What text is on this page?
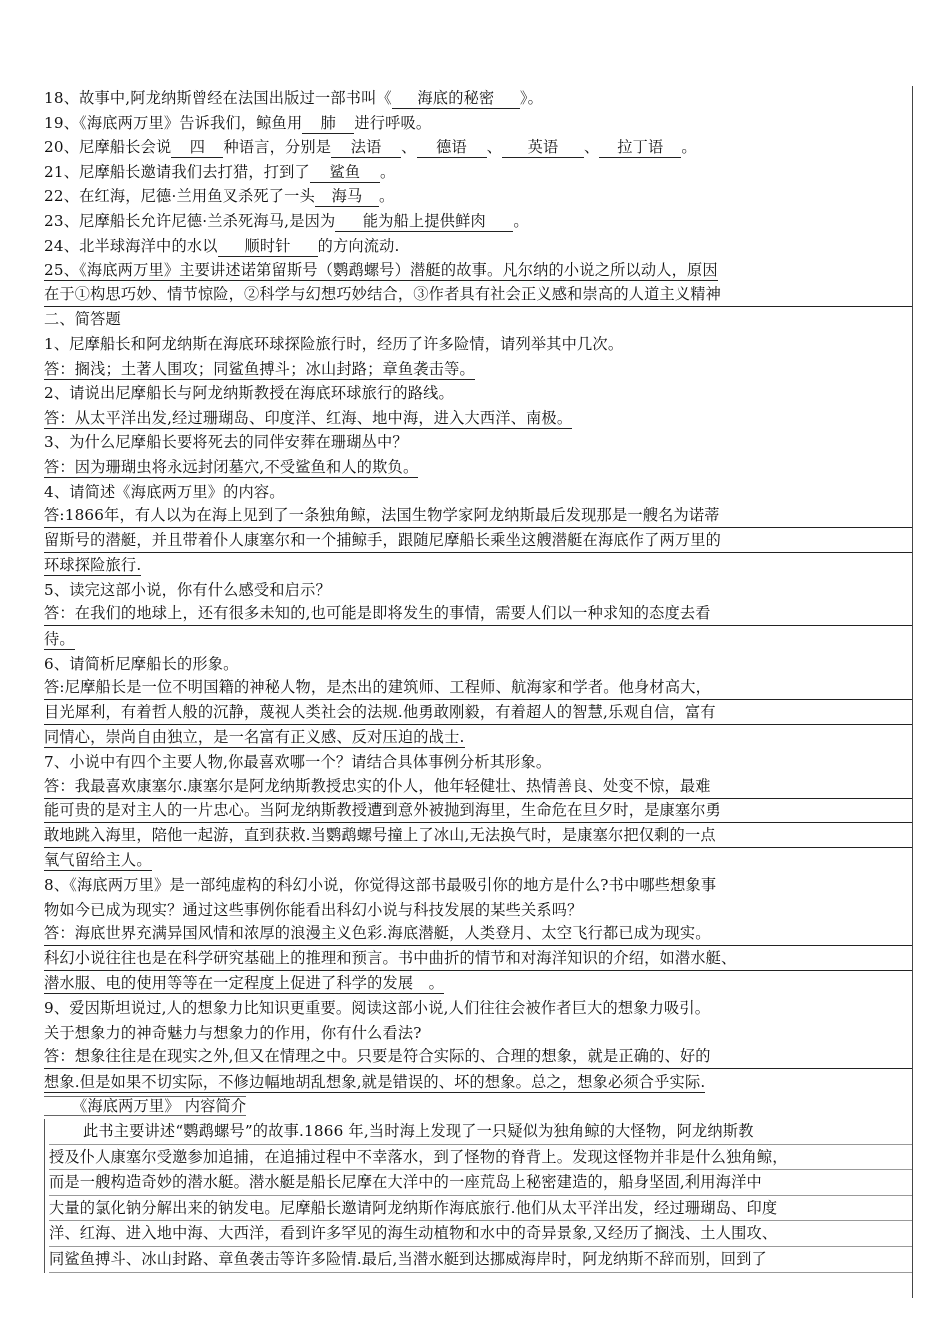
18、故事中,阿龙纳斯曾经在法国出版过一部书叫《 海底的秘密 》。
19、《海底两万里》告诉我们，鲸鱼用 肺 进行呼吸。
20、尼摩船长会说 四 种语言，分别是 法语 、 德语 、 英语 、 拉丁语 。
21、尼摩船长邀请我们去打猎，打到了 鲨鱼 。
22、在红海，尼德·兰用鱼叉杀死了一头 海马 。
23、尼摩船长允许尼德·兰杀死海马,是因为 能为船上提供鲜肉 。
24、北半球海洋中的水以 顺时针 的方向流动.
25、《海底两万里》主要讲述诺第留斯号（鹦鹉螺号）潜艇的故事。凡尔纳的小说之所以动人，原因
在于①构思巧妙、情节惊险，②科学与幻想巧妙结合，③作者具有社会正义感和崇高的人道主义精神
二、简答题
1、尼摩船长和阿龙纳斯在海底环球探险旅行时，经历了许多险情，请列举其中几次。
答：搁浅；土著人围攻；同鲨鱼搏斗；冰山封路；章鱼袭击等。
2、请说出尼摩船长与阿龙纳斯教授在海底环球旅行的路线。
答：从太平洋出发,经过珊瑚岛、印度洋、红海、地中海，进入大西洋、南极。
3、为什么尼摩船长要将死去的同伴安葬在珊瑚丛中？
答：因为珊瑚虫将永远封闭墓穴,不受鲨鱼和人的欺负。
4、请简述《海底两万里》的内容。
答:1866年，有人以为在海上见到了一条独角鲸，法国生物学家阿龙纳斯最后发现那是一艘名为诺蒂
留斯号的潜艇，并且带着仆人康塞尔和一个捕鲸手，跟随尼摩船长乘坐这艘潜艇在海底作了两万里的
环球探险旅行.
5、读完这部小说，你有什么感受和启示？
答：在我们的地球上，还有很多未知的,也可能是即将发生的事情，需要人们以一种求知的态度去看
待。
6、请简析尼摩船长的形象。
答:尼摩船长是一位不明国籍的神秘人物，是杰出的建筑师、工程师、航海家和学者。他身材高大，
目光犀利，有着哲人般的沉静，蔑视人类社会的法规.他勇敢刚毅，有着超人的智慧,乐观自信，富有
同情心，崇尚自由独立，是一名富有正义感、反对压迫的战士.
7、小说中有四个主要人物,你最喜欢哪一个？请结合具体事例分析其形象。
答：我最喜欢康塞尔.康塞尔是阿龙纳斯教授忠实的仆人，他年轻健壮、热情善良、处变不惊，最难
能可贵的是对主人的一片忠心。当阿龙纳斯教授遭到意外被抛到海里，生命危在旦夕时，是康塞尔勇
敢地跳入海里，陪他一起游，直到获救.当鹦鹉螺号撞上了冰山,无法换气时，是康塞尔把仅剩的一点
氧气留给主人。
8、《海底两万里》是一部纯虚构的科幻小说，你觉得这部书最吸引你的地方是什么?书中哪些想象事
物如今已成为现实？通过这些事例你能看出科幻小说与科技发展的某些关系吗？
答：海底世界充满异国风情和浓厚的浪漫主义色彩.海底潜艇，人类登月、太空飞行都已成为现实。
科幻小说往往也是在科学研究基础上的推理和预言。书中曲折的情节和对海洋知识的介绍，如潜水艇、
潜水服、电的使用等等在一定程度上促进了科学的发展　。
9、爱因斯坦说过,人的想象力比知识更重要。阅读这部小说,人们往往会被作者巨大的想象力吸引。
关于想象力的神奇魅力与想象力的作用，你有什么看法?
答：想象往往是在现实之外,但又在情理之中。只要是符合实际的、合理的想象，就是正确的、好的
想象.但是如果不切实际，不修边幅地胡乱想象,就是错误的、坏的想象。总之，想象必须合乎实际.
《海底两万里》 内容简介
此书主要讲述“鹦鹉螺号”的故事.1866 年,当时海上发现了一只疑似为独角鲸的大怪物，阿龙纳斯教
授及仆人康塞尔受邀参加追捕，在追捕过程中不幸落水，到了怪物的脊背上。发现这怪物并非是什么独角鲸，
而是一艘构造奇妙的潜水艇。潜水艇是船长尼摩在大洋中的一座荒岛上秘密建造的，船身坚固,利用海洋中
大量的氯化钠分解出来的钠发电。尼摩船长邀请阿龙纳斯作海底旅行.他们从太平洋出发，经过珊瑚岛、印度
洋、红海、进入地中海、大西洋，看到许多罕见的海生动植物和水中的奇异景象,又经历了搁浅、土人围攻、
同鲨鱼搏斗、冰山封路、章鱼袭击等许多险情.最后,当潜水艇到达挪威海岸时，阿龙纳斯不辞而别，回到了
